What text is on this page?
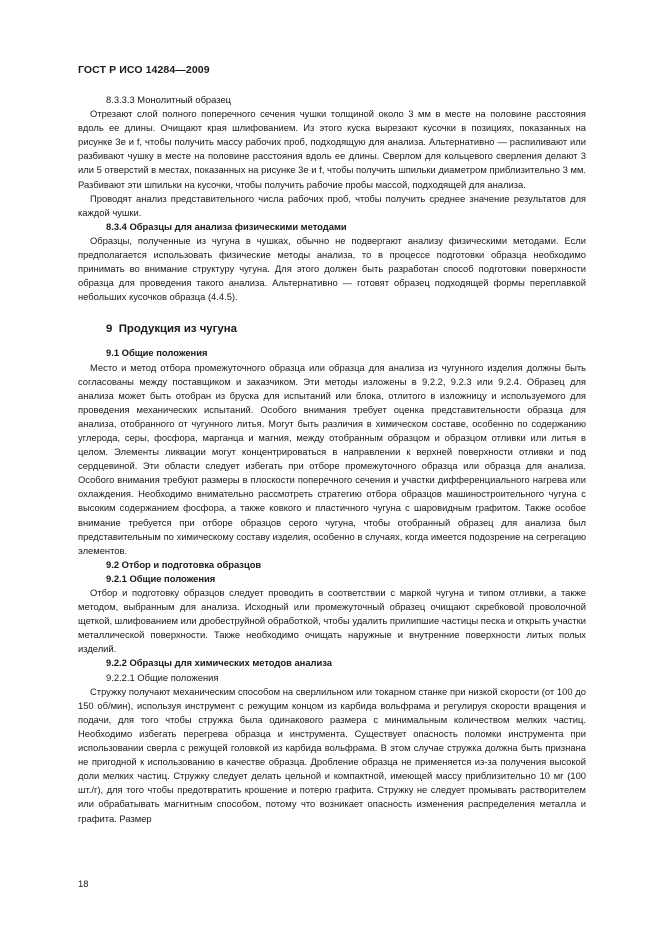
ГОСТ Р ИСО 14284—2009
8.3.3.3 Монолитный образец

Отрезают слой полного поперечного сечения чушки толщиной около 3 мм в месте на половине расстояния вдоль ее длины. Очищают края шлифованием. Из этого куска вырезают кусочки в позициях, показанных на рисунке 3е и f, чтобы получить массу рабочих проб, подходящую для анализа. Альтернативно — распиливают или разбивают чушку в месте на половине расстояния вдоль ее длины. Сверлом для кольцевого сверления делают 3 или 5 отверстий в местах, показанных на рисунке 3е и f, чтобы получить шпильки диаметром приблизительно 3 мм. Разбивают эти шпильки на кусочки, чтобы получить рабочие пробы массой, подходящей для анализа.

Проводят анализ представительного числа рабочих проб, чтобы получить среднее значение результатов для каждой чушки.

8.3.4 Образцы для анализа физическими методами

Образцы, полученные из чугуна в чушках, обычно не подвергают анализу физическими методами. Если предполагается использовать физические методы анализа, то в процессе подготовки образца необходимо принимать во внимание структуру чугуна. Для этого должен быть разработан способ подготовки поверхности образца для проведения такого анализа. Альтернативно — готовят образец подходящей формы переплавкой небольших кусочков образца (4.4.5).

9 Продукция из чугуна
9.1 Общие положения

Место и метод отбора промежуточного образца или образца для анализа из чугунного изделия должны быть согласованы между поставщиком и заказчиком. Эти методы изложены в 9.2.2, 9.2.3 или 9.2.4. Образец для анализа может быть отобран из бруска для испытаний или блока, отлитого в изложницу и используемого для проведения механических испытаний. Особого внимания требует оценка представительности образца для анализа, отобранного от чугунного литья. Могут быть различия в химическом составе, особенно по содержанию углерода, серы, фосфора, марганца и магния, между отобранным образцом и образцом отливки или литья в целом. Элементы ликвации могут концентрироваться в направлении к верхней поверхности отливки и под сердцевиной. Эти области следует избегать при отборе промежуточного образца или образца для анализа. Особого внимания требуют размеры в плоскости поперечного сечения и участки дифференциального нагрева или охлаждения. Необходимо внимательно рассмотреть стратегию отбора образцов машиностроительного чугуна с высоким содержанием фосфора, а также ковкого и пластичного чугуна с шаровидным графитом. Также особое внимание требуется при отборе образцов серого чугуна, чтобы отобранный образец для анализа был представительным по химическому составу изделия, особенно в случаях, когда имеется подозрение на сегрегацию элементов.

9.2 Отбор и подготовка образцов
9.2.1 Общие положения

Отбор и подготовку образцов следует проводить в соответствии с маркой чугуна и типом отливки, а также методом, выбранным для анализа. Исходный или промежуточный образец очищают скребковой проволочной щеткой, шлифованием или дробеструйной обработкой, чтобы удалить прилипшие частицы песка и открыть участки металлической поверхности. Также необходимо очищать наружные и внутренние поверхности литых полых изделий.

9.2.2 Образцы для химических методов анализа
9.2.2.1 Общие положения

Стружку получают механическим способом на сверлильном или токарном станке при низкой скорости (от 100 до 150 об/мин), используя инструмент с режущим концом из карбида вольфрама и регулируя скорости вращения и подачи, для того чтобы стружка была одинакового размера с минимальным количеством мелких частиц. Необходимо избегать перегрева образца и инструмента. Существует опасность поломки инструмента при использовании сверла с режущей головкой из карбида вольфрама. В этом случае стружка должна быть признана не пригодной к использованию в качестве образца. Дробление образца не применяется из-за получения высокой доли мелких частиц. Стружку следует делать цельной и компактной, имеющей массу приблизительно 10 мг (100 шт./г), для того чтобы предотвратить крошение и потерю графита. Стружку не следует промывать растворителем или обрабатывать магнитным способом, потому что возникает опасность изменения распределения металла и графита. Размер

18
